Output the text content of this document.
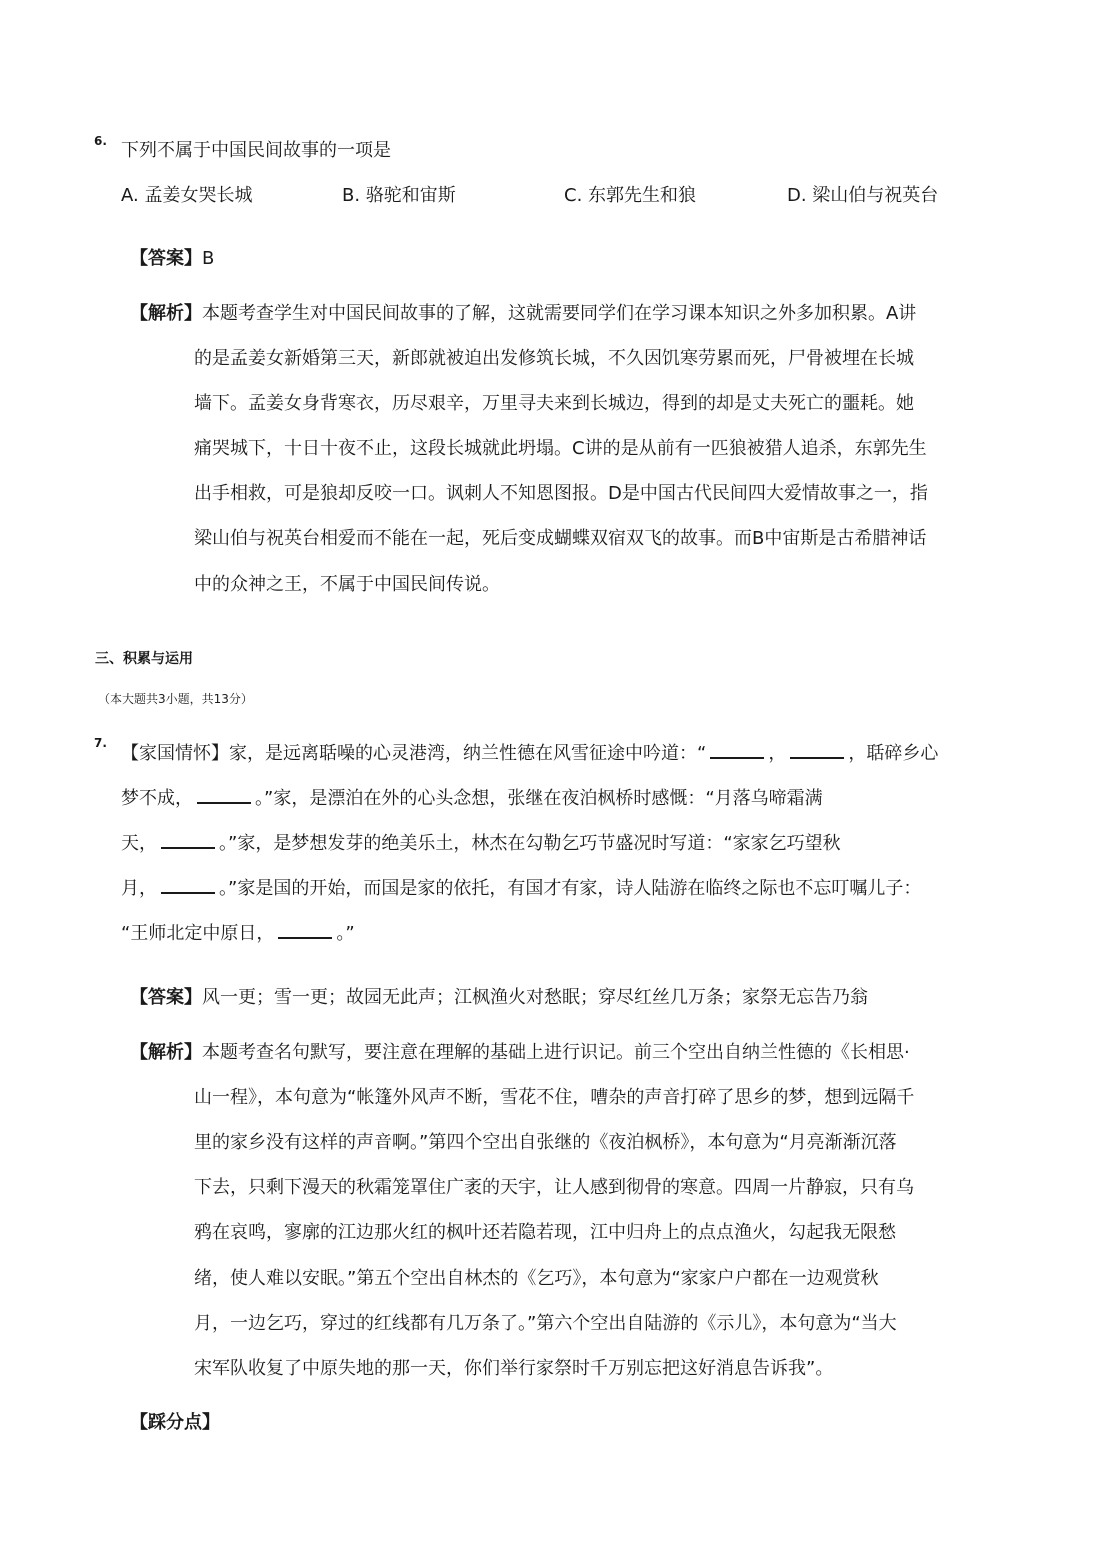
6. 下列不属于中国民间故事的一项是
A. 孟姜女哭长城	B. 骆驼和宙斯	C. 东郭先生和狼	D. 梁山伯与祝英台
【答案】B
【解析】本题考查学生对中国民间故事的了解，这就需要同学们在学习课本知识之外多加积累。A讲
的是孟姜女新婚第三天，新郎就被迫出发修筑长城，不久因饥寒劳累而死，尸骨被埋在长城
墙下。孟姜女身背寒衣，历尽艰辛，万里寻夫来到长城边，得到的却是丈夫死亡的噩耗。她
痛哭城下，十日十夜不止，这段长城就此坍塌。C讲的是从前有一匹狼被猎人追杀，东郭先生
出手相救，可是狼却反咬一口。讽刺人不知恩图报。D是中国古代民间四大爱情故事之一，指
梁山伯与祝英台相爱而不能在一起，死后变成蝴蝶双宿双飞的故事。而B中宙斯是古希腊神话
中的众神之王，不属于中国民间传说。
三、积累与运用
（本大题共3小题，共13分）
7. 【家国情怀】家，是远离聒噪的心灵港湾，纳兰性德在风雪征途中吟道：“	，	，聒碎乡心
梦不成，	。”家，是漂泊在外的心头念想，张继在夜泊枫桥时感慨：“月落乌啼霜满
天，	。”家，是梦想发芽的绝美乐土，林杰在勾勒乞巧节盛况时写道：“家家乞巧望秋
月，	。”家是国的开始，而国是家的依托，有国才有家，诗人陆游在临终之际也不忘叮嘱儿子：
“王师北定中原日，	。”
【答案】风一更；雪一更；故园无此声；江枫渔火对愁眠；穿尽红丝几万条；家祭无忘告乃翁
【解析】本题考查名句默写，要注意在理解的基础上进行识记。前三个空出自纳兰性德的《长相思·
山一程》，本句意为“帐篷外风声不断，雪花不住，嘈杂的声音打碎了思乡的梦，想到远隔千
里的家乡没有这样的声音啊。”第四个空出自张继的《夜泊枫桥》，本句意为“月亮渐渐沉落
下去，只剩下漫天的秋霜笼罩住广袤的天宇，让人感到彻骨的寒意。四周一片静寂，只有乌
鸦在哀鸣，寥廓的江边那火红的枫叶还若隐若现，江中归舟上的点点渔火，勾起我无限愁
绪，使人难以安眠。”第五个空出自林杰的《乞巧》，本句意为“家家户户都在一边观赏秋
月，一边乞巧，穿过的红线都有几万条了。”第六个空出自陆游的《示儿》，本句意为“当大
宋军队收复了中原失地的那一天，你们举行家祭时千万别忘把这好消息告诉我”。
【踩分点】
